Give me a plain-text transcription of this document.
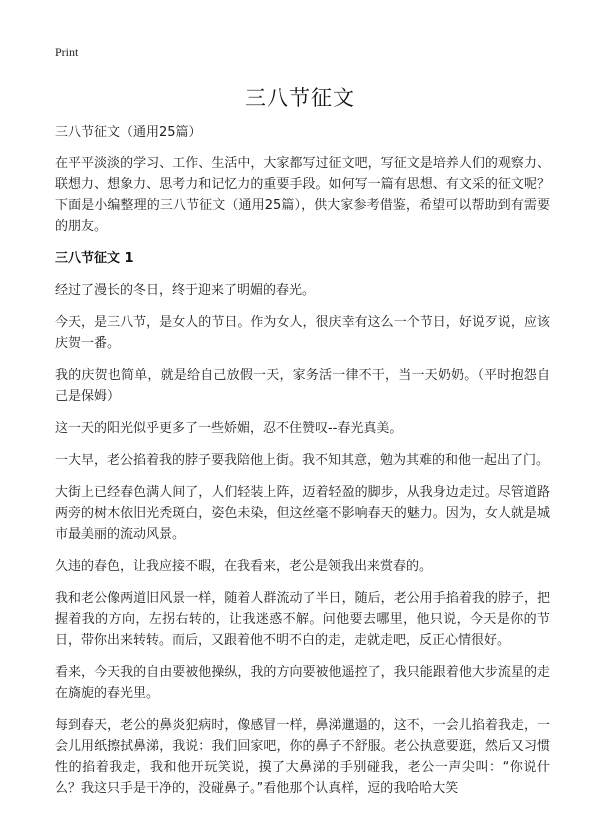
Print
三八节征文

三八节征文（通用25篇）

在平平淡淡的学习、工作、生活中，大家都写过征文吧，写征文是培养人们的观察力、联想力、想象力、思考力和记忆力的重要手段。如何写一篇有思想、有文采的征文呢？下面是小编整理的三八节征文（通用25篇），供大家参考借鉴，希望可以帮助到有需要的朋友。

三八节征文 1

经过了漫长的冬日，终于迎来了明媚的春光。

今天，是三八节，是女人的节日。作为女人，很庆幸有这么一个节日，好说歹说，应该庆贺一番。

我的庆贺也简单，就是给自己放假一天，家务活一律不干，当一天奶奶。（平时抱怨自己是保姆）

这一天的阳光似乎更多了一些娇媚，忍不住赞叹--春光真美。

一大早，老公掐着我的脖子要我陪他上街。我不知其意，勉为其难的和他一起出了门。

大街上已经春色满人间了，人们轻装上阵，迈着轻盈的脚步，从我身边走过。尽管道路两旁的树木依旧光秃斑白，姿色未染，但这丝毫不影响春天的魅力。因为，女人就是城市最美丽的流动风景。

久违的春色，让我应接不暇，在我看来，老公是领我出来赏春的。

我和老公像两道旧风景一样，随着人群流动了半日，随后，老公用手掐着我的脖子，把握着我的方向，左拐右转的，让我迷惑不解。问他要去哪里，他只说，今天是你的节日，带你出来转转。而后，又跟着他不明不白的走，走就走吧，反正心情很好。

看来，今天我的自由要被他操纵，我的方向要被他遥控了，我只能跟着他大步流星的走在旖旎的春光里。

每到春天，老公的鼻炎犯病时，像感冒一样，鼻涕邋遢的，这不，一会儿掐着我走，一会儿用纸擦拭鼻涕，我说：我们回家吧，你的鼻子不舒服。老公执意要逛，然后又习惯性的掐着我走，我和他开玩笑说，摸了大鼻涕的手别碰我，老公一声尖叫：“你说什么？我这只手是干净的，没碰鼻子。”看他那个认真样，逗的我哈哈大笑
